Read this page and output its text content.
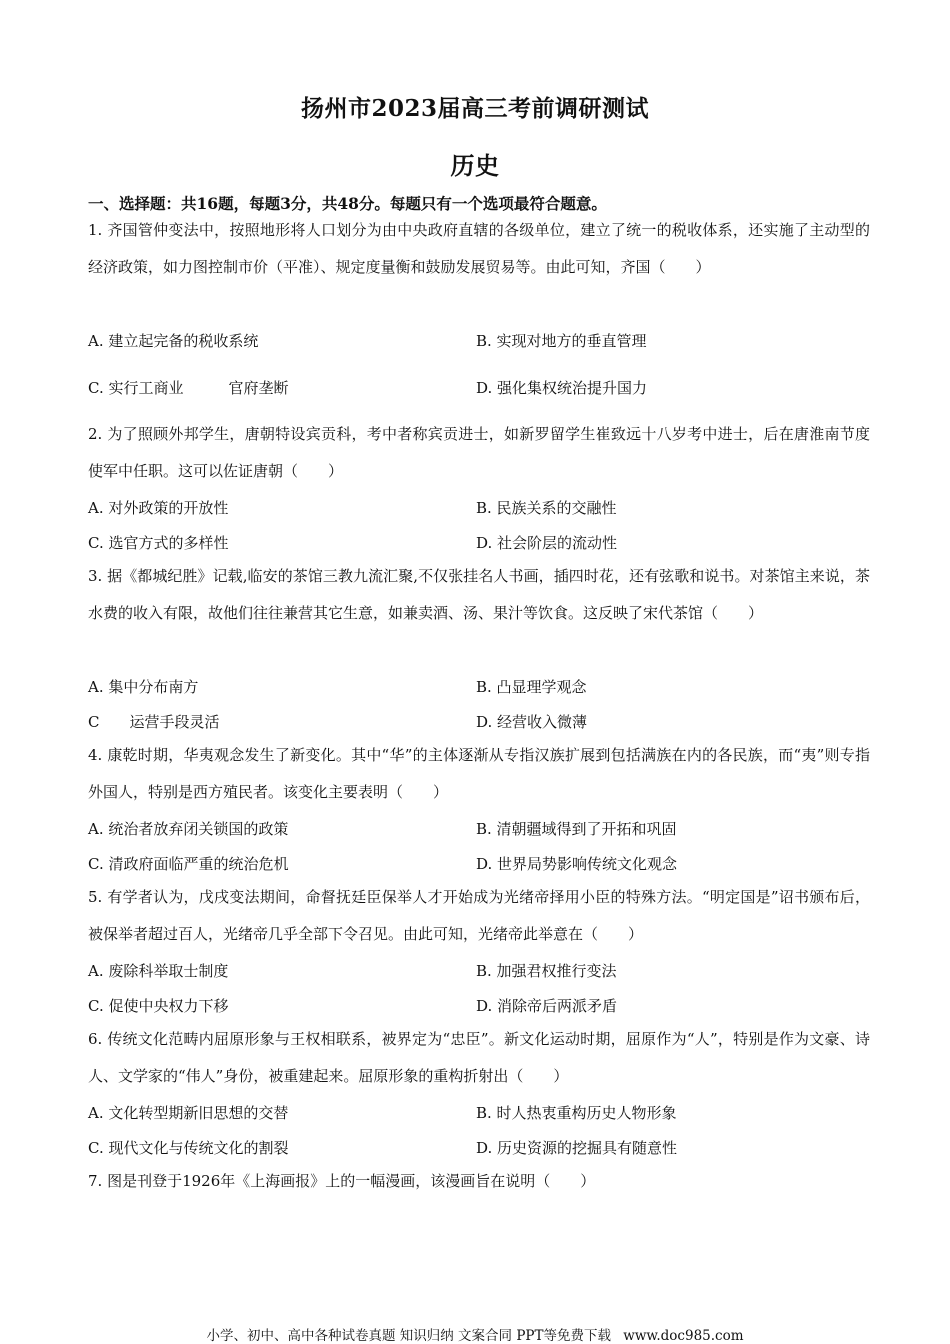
扬州市2023届高三考前调研测试
历史
一、选择题：共16题，每题3分，共48分。每题只有一个选项最符合题意。
1. 齐国管仲变法中，按照地形将人口划分为由中央政府直辖的各级单位，建立了统一的税收体系，还实施了主动型的经济政策，如力图控制市价（平准）、规定度量衡和鼓励发展贸易等。由此可知，齐国（　　）
A. 建立起完备的税收系统	B. 实现对地方的垂直管理
C. 实行工商业　　　官府垄断	D. 强化集权统治提升国力
2. 为了照顾外邦学生，唐朝特设宾贡科，考中者称宾贡进士，如新罗留学生崔致远十八岁考中进士，后在唐淮南节度使军中任职。这可以佐证唐朝（　　）
A. 对外政策的开放性	B. 民族关系的交融性
C. 选官方式的多样性	D. 社会阶层的流动性
3. 据《都城纪胜》记载,临安的茶馆三教九流汇聚,不仅张挂名人书画，插四时花，还有弦歌和说书。对茶馆主来说，茶水费的收入有限，故他们往往兼营其它生意，如兼卖酒、汤、果汁等饮食。这反映了宋代茶馆（　　）
A. 集中分布南方	B. 凸显理学观念
C　　运营手段灵活	D. 经营收入微薄
4. 康乾时期，华夷观念发生了新变化。其中“华”的主体逐渐从专指汉族扩展到包括满族在内的各民族，而“夷”则专指外国人，特别是西方殖民者。该变化主要表明（　　）
A. 统治者放弃闭关锁国的政策	B. 清朝疆域得到了开拓和巩固
C. 清政府面临严重的统治危机	D. 世界局势影响传统文化观念
5. 有学者认为，戊戌变法期间，命督抚廷臣保举人才开始成为光绪帝择用小臣的特殊方法。“明定国是”诏书颁布后，被保举者超过百人，光绪帝几乎全部下令召见。由此可知，光绪帝此举意在（　　）
A. 废除科举取士制度	B. 加强君权推行变法
C. 促使中央权力下移	D. 消除帝后两派矛盾
6. 传统文化范畴内屈原形象与王权相联系，被界定为“忠臣”。新文化运动时期，屈原作为“人”，特别是作为文豪、诗人、文学家的“伟人”身份，被重建起来。屈原形象的重构折射出（　　）
A. 文化转型期新旧思想的交替	B. 时人热衷重构历史人物形象
C. 现代文化与传统文化的割裂	D. 历史资源的挖掘具有随意性
7. 图是刊登于1926年《上海画报》上的一幅漫画，该漫画旨在说明（　　）
小学、初中、高中各种试卷真题 知识归纳 文案合同 PPT等免费下载 www.doc985.com
